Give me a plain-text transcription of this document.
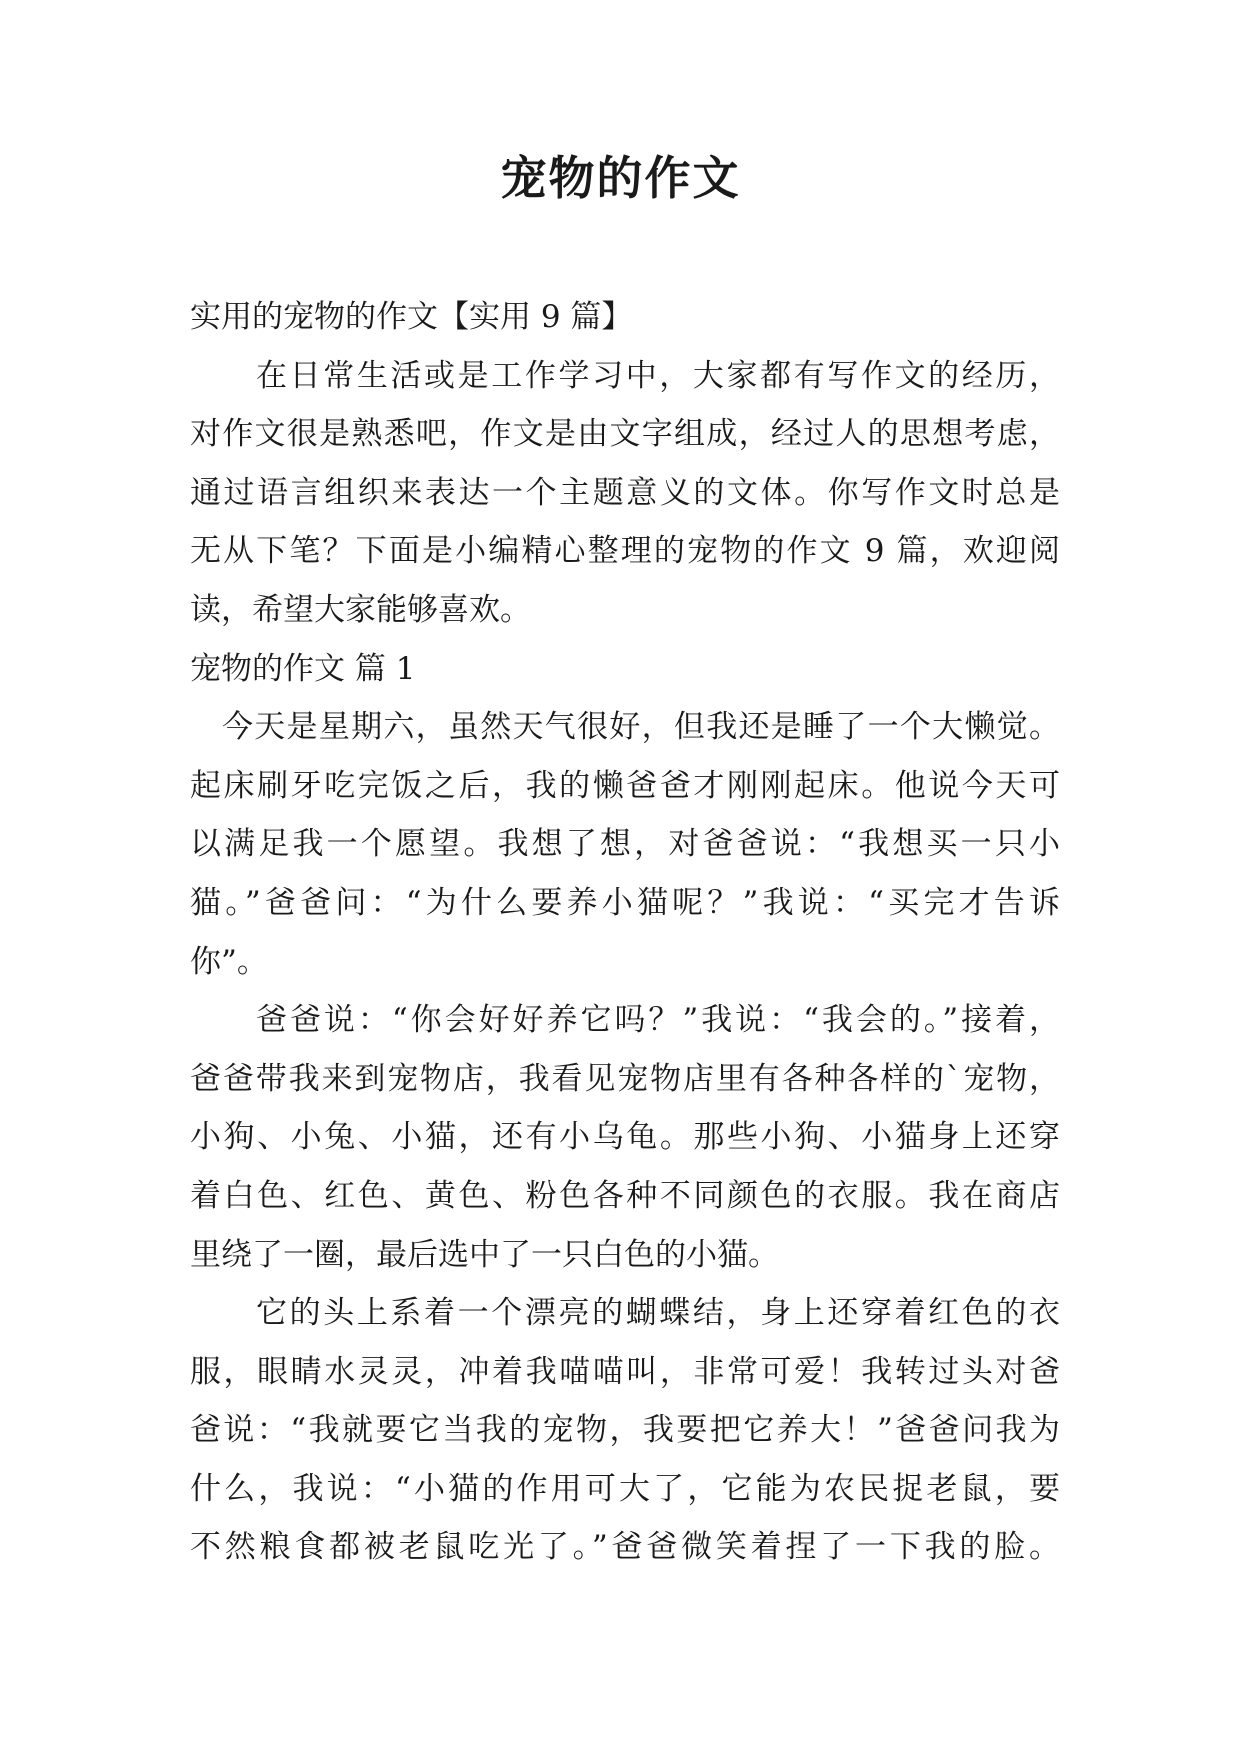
宠物的作文
实用的宠物的作文【实用 9 篇】
在日常生活或是工作学习中，大家都有写作文的经历，
对作文很是熟悉吧，作文是由文字组成，经过人的思想考虑，
通过语言组织来表达一个主题意义的文体。你写作文时总是
无从下笔？下面是小编精心整理的宠物的作文 9 篇，欢迎阅
读，希望大家能够喜欢。
宠物的作文 篇 1
今天是星期六，虽然天气很好，但我还是睡了一个大懒觉。
起床刷牙吃完饭之后，我的懒爸爸才刚刚起床。他说今天可
以满足我一个愿望。我想了想，对爸爸说：“我想买一只小
猫。”爸爸问：“为什么要养小猫呢？”我说：“买完才告诉
你”。
爸爸说：“你会好好养它吗？”我说：“我会的。”接着，
爸爸带我来到宠物店，我看见宠物店里有各种各样的`宠物，
小狗、小兔、小猫，还有小乌龟。那些小狗、小猫身上还穿
着白色、红色、黄色、粉色各种不同颜色的衣服。我在商店
里绕了一圈，最后选中了一只白色的小猫。
它的头上系着一个漂亮的蝴蝶结，身上还穿着红色的衣
服，眼睛水灵灵，冲着我喵喵叫，非常可爱！我转过头对爸
爸说：“我就要它当我的宠物，我要把它养大！”爸爸问我为
什么，我说：“小猫的作用可大了，它能为农民捉老鼠，要
不然粮食都被老鼠吃光了。”爸爸微笑着捏了一下我的脸。
